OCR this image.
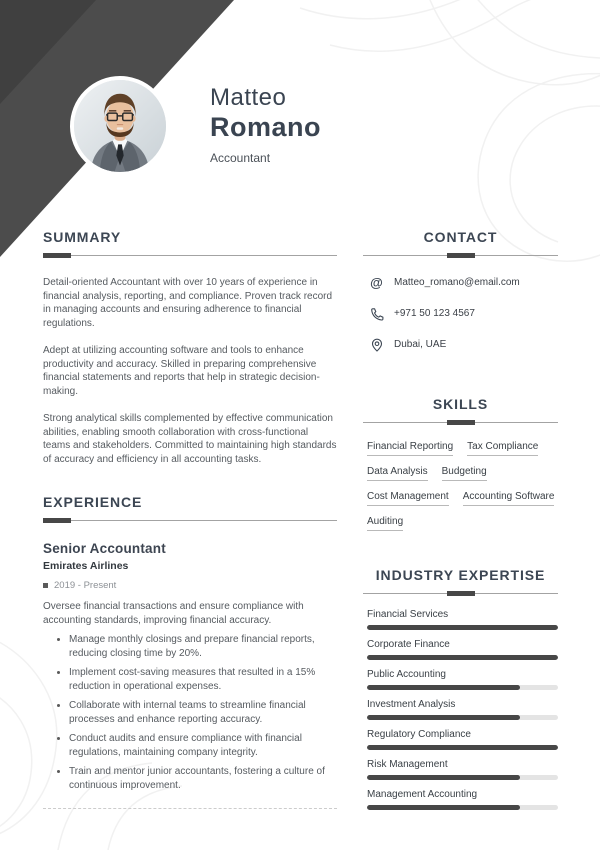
Matteo
Romano
Accountant
SUMMARY

Detail-oriented Accountant with over 10 years of experience in financial analysis, reporting, and compliance. Proven track record in managing accounts and ensuring adherence to financial regulations.

Adept at utilizing accounting software and tools to enhance productivity and accuracy. Skilled in preparing comprehensive financial statements and reports that help in strategic decision-making.

Strong analytical skills complemented by effective communication abilities, enabling smooth collaboration with cross-functional teams and stakeholders. Committed to maintaining high standards of accuracy and efficiency in all accounting tasks.

EXPERIENCE
Senior Accountant
Emirates Airlines
2019 - Present
Oversee financial transactions and ensure compliance with accounting standards, improving financial accuracy.
• Manage monthly closings and prepare financial reports, reducing closing time by 20%.
• Implement cost-saving measures that resulted in a 15% reduction in operational expenses.
• Collaborate with internal teams to streamline financial processes and enhance reporting accuracy.
• Conduct audits and ensure compliance with financial regulations, maintaining company integrity.
• Train and mentor junior accountants, fostering a culture of continuous improvement.
CONTACT
@ Matteo_romano@email.com
+971 50 123 4567
Dubai, UAE
SKILLS
Financial Reporting Tax Compliance
Data Analysis Budgeting
Cost Management Accounting Software
Auditing
INDUSTRY EXPERTISE
Financial Services
Corporate Finance
Public Accounting
Investment Analysis
Regulatory Compliance
Risk Management
Management Accounting
